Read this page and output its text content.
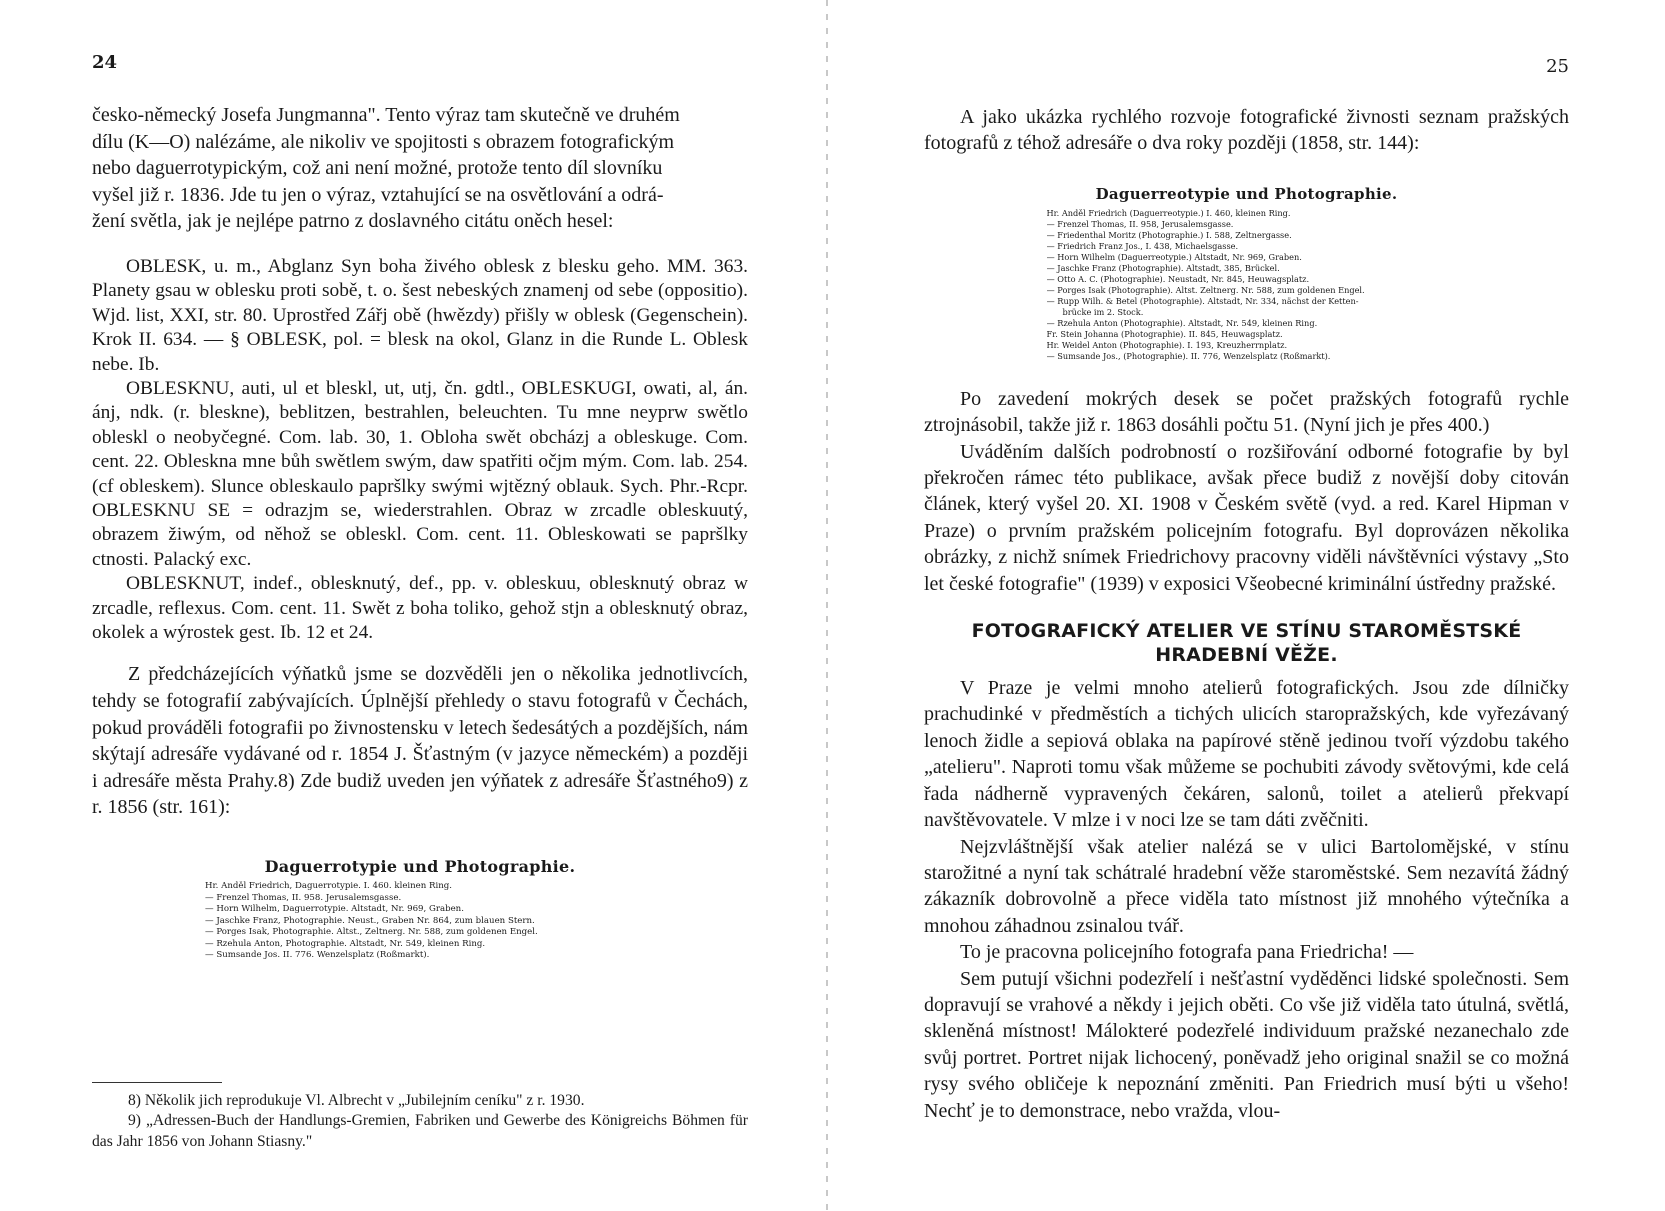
24

česko-německý Josefa Jungmanna". Tento výraz tam skutečně ve druhém

dílu (K—O) nalézáme, ale nikoliv ve spojitosti s obrazem fotografickým

nebo daguerrotypickým, což ani není možné, protože tento díl slovníku

vyšel již r. 1836. Jde tu jen o výraz, vztahující se na osvětlování a odrá-

žení světla, jak je nejlépe patrno z doslavného citátu oněch hesel:

OBLESK, u. m., Abglanz Syn boha živého oblesk z blesku geho. MM. 363. Planety gsau w oblesku proti sobě, t. o. šest nebeských znamenj od sebe (oppositio). Wjd. list, XXI, str. 80. Uprostřed Zářj obě (hwězdy) přišly w oblesk (Gegenschein). Krok II. 634. — § OBLESK, pol. = blesk na okol, Glanz in die Runde L. Oblesk nebe. Ib.

OBLESKNU, auti, ul et bleskl, ut, utj, čn. gdtl., OBLESKUGI, owati, al, án. ánj, ndk. (r. bleskne), beblitzen, bestrahlen, beleuchten. Tu mne neyprw swětlo obleskl o neobyčegné. Com. lab. 30, 1. Obloha swět obcházj a obleskuge. Com. cent. 22. Obleskna mne bůh swětlem swým, daw spatřiti očjm mým. Com. lab. 254. (cf obleskem). Slunce obleskaulo papršlky swými wjtězný oblauk. Sych. Phr.-Rcpr. OBLESKNU SE = odrazjm se, wiederstrahlen. Obraz w zrcadle obleskuutý, obrazem žiwým, od něhož se obleskl. Com. cent. 11. Obleskowati se papršlky ctnosti. Palacký exc.

OBLESKNUT, indef., oblesknutý, def., pp. v. obleskuu, oblesknutý obraz w zrcadle, reflexus. Com. cent. 11. Swět z boha toliko, gehož stjn a oblesknutý obraz, okolek a wýrostek gest. Ib. 12 et 24.

Z předcházejících výňatků jsme se dozvěděli jen o několika jednotlivcích, tehdy se fotografií zabývajících. Úplnější přehledy o stavu fotografů v Čechách, pokud prováděli fotografii po živnostensku v letech šedesátých a pozdějších, nám skýtají adresáře vydávané od r. 1854 J. Šťastným (v jazyce německém) a později i adresáře města Prahy.8) Zde budiž uveden jen výňatek z adresáře Šťastného9) z r. 1856 (str. 161):

Daguerrotypie und Photographie.
Hr. Anděl Friedrich, Daguerrotypie. I. 460. kleinen Ring.
— Frenzel Thomas, II. 958. Jerusalemsgasse.
— Horn Wilhelm, Daguerrotypie. Altstadt, Nr. 969, Graben.
— Jaschke Franz, Photographie. Neust., Graben Nr. 864, zum blauen Stern.
— Porges Isak, Photographie. Altst., Zeltnerg. Nr. 588, zum goldenen Engel.
— Rzehula Anton, Photographie. Altstadt, Nr. 549, kleinen Ring.
— Sumsande Jos. II. 776. Wenzelsplatz (Roßmarkt).
8) Několik jich reprodukuje Vl. Albrecht v „Jubilejním ceníku" z r. 1930.
9) „Adressen-Buch der Handlungs-Gremien, Fabriken und Gewerbe des Königreichs Böhmen für das Jahr 1856 von Johann Stiasny."
25

A jako ukázka rychlého rozvoje fotografické živnosti seznam pražských fotografů z téhož adresáře o dva roky později (1858, str. 144):

Daguerreotypie und Photographie.
Hr. Anděl Friedrich (Daguerreotypie.) I. 460, kleinen Ring.
— Frenzel Thomas, II. 958, Jerusalemsgasse.
— Friedenthal Moritz (Photographie.) I. 588, Zeltnergasse.
— Friedrich Franz Jos., I. 438, Michaelsgasse.
— Horn Wilhelm (Daguerreotypie.) Altstadt, Nr. 969, Graben.
— Jaschke Franz (Photographie). Altstadt, 385, Brückel.
— Otto A. C. (Photographie). Neustadt, Nr. 845, Heuwagsplatz.
— Porges Isak (Photographie). Altst. Zeltnerg. Nr. 588, zum goldenen Engel.
— Rupp Wilh. & Betel (Photographie). Altstadt, Nr. 334, nächst der Ketten-
brücke im 2. Stock.
— Rzehula Anton (Photographie). Altstadt, Nr. 549, kleinen Ring.
Fr. Stein Johanna (Photographie). II. 845, Heuwagsplatz.
Hr. Weidel Anton (Photographie). I. 193, Kreuzherrnplatz.
— Sumsande Jos., (Photographie). II. 776, Wenzelsplatz (Roßmarkt).

Po zavedení mokrých desek se počet pražských fotografů rychle ztrojnásobil, takže již r. 1863 dosáhli počtu 51. (Nyní jich je přes 400.)

Uváděním dalších podrobností o rozšiřování odborné fotografie by byl překročen rámec této publikace, avšak přece budiž z novější doby citován článek, který vyšel 20. XI. 1908 v Českém světě (vyd. a red. Karel Hipman v Praze) o prvním pražském policejním fotografu. Byl doprovázen několika obrázky, z nichž snímek Friedrichovy pracovny viděli návštěvníci výstavy „Sto let české fotografie" (1939) v exposici Všeobecné kriminální ústředny pražské.

FOTOGRAFICKÝ ATELIER VE STÍNU STAROMĚSTSKÉ HRADEBNÍ VĚŽE.

V Praze je velmi mnoho atelierů fotografických. Jsou zde dílničky prachudinké v předměstích a tichých ulicích staropražských, kde vyřezávaný lenoch židle a sepiová oblaka na papírové stěně jedinou tvoří výzdobu takého „atelieru". Naproti tomu však můžeme se pochubiti závody světovými, kde celá řada nádherně vypravených čekáren, salonů, toilet a atelierů překvapí navštěvovatele. V mlze i v noci lze se tam dáti zvěčniti.

Nejzvláštnější však atelier nalézá se v ulici Bartolomějské, v stínu starožitné a nyní tak schátralé hradební věže staroměstské. Sem nezavítá žádný zákazník dobrovolně a přece viděla tato místnost již mnohého výtečníka a mnohou záhadnou zsinalou tvář.

To je pracovna policejního fotografa pana Friedricha! —

Sem putují všichni podezřelí i nešťastní vyděděnci lidské společnosti. Sem dopravují se vrahové a někdy i jejich oběti. Co vše již viděla tato útulná, světlá, skleněná místnost! Málokteré podezřelé individuum pražské nezanechalo zde svůj portret. Portret nijak lichocený, poněvadž jeho original snažil se co možná rysy svého obličeje k nepoznání změniti. Pan Friedrich musí býti u všeho! Nechť je to demonstrace, nebo vražda, vlou-
